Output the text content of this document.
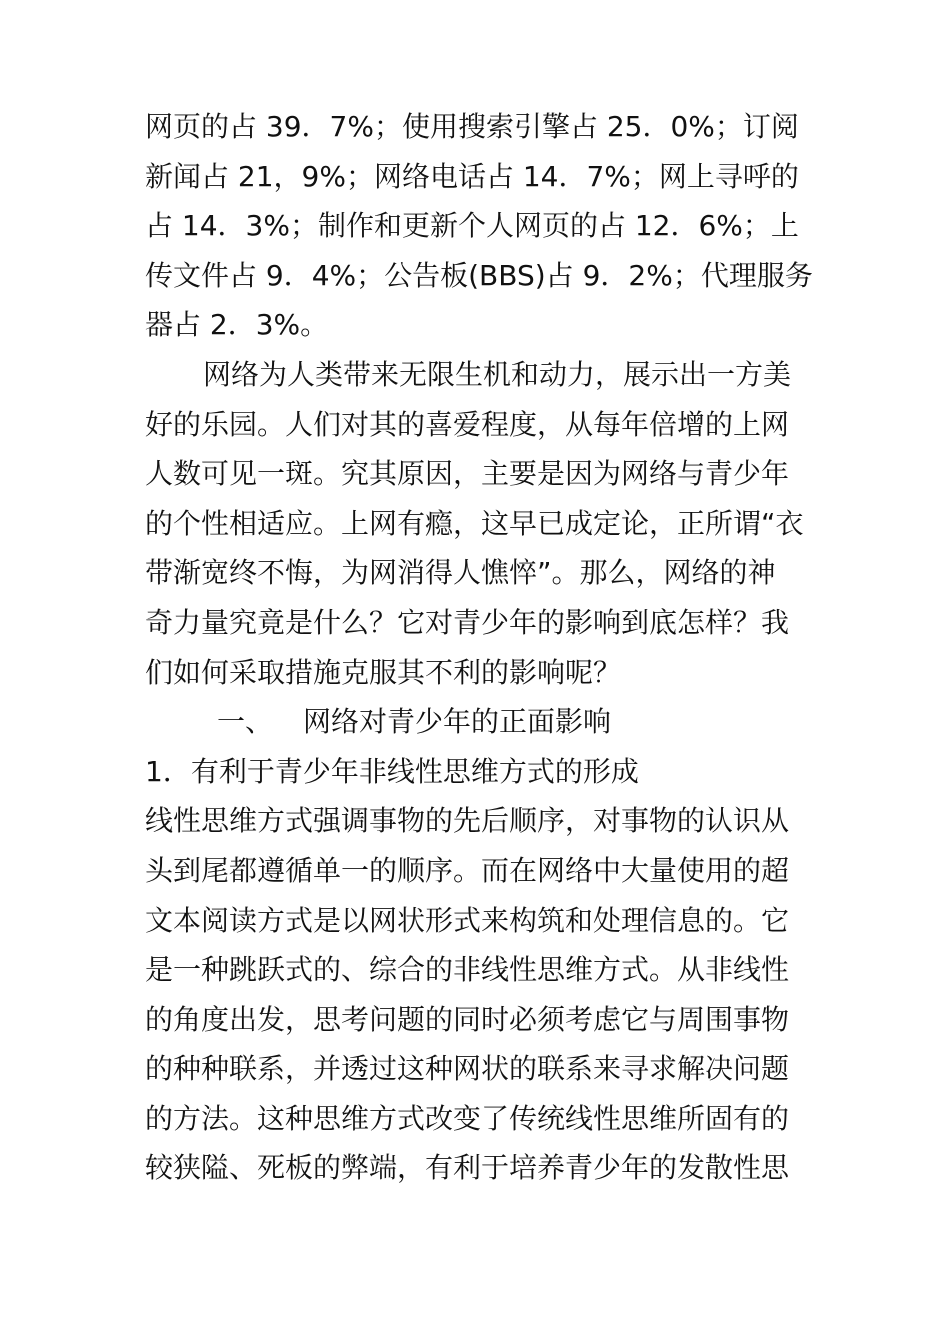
网页的占 39．7%；使用搜索引擎占 25．0%；订阅
新闻占 21，9%；网络电话占 14．7%；网上寻呼的
占 14．3%；制作和更新个人网页的占 12．6%；上
传文件占 9．4%；公告板(BBS)占 9．2%；代理服务
器占 2．3%。
网络为人类带来无限生机和动力，展示出一方美
好的乐园。人们对其的喜爱程度，从每年倍增的上网
人数可见一斑。究其原因，主要是因为网络与青少年
的个性相适应。上网有瘾，这早已成定论，正所谓“衣
带渐宽终不悔，为网消得人憔悴”。那么，网络的神
奇力量究竟是什么？它对青少年的影响到底怎样？我
们如何采取措施克服其不利的影响呢？
一、 网络对青少年的正面影响
1．有利于青少年非线性思维方式的形成
线性思维方式强调事物的先后顺序，对事物的认识从
头到尾都遵循单一的顺序。而在网络中大量使用的超
文本阅读方式是以网状形式来构筑和处理信息的。它
是一种跳跃式的、综合的非线性思维方式。从非线性
的角度出发，思考问题的同时必须考虑它与周围事物
的种种联系，并透过这种网状的联系来寻求解决问题
的方法。这种思维方式改变了传统线性思维所固有的
较狭隘、死板的弊端，有利于培养青少年的发散性思
